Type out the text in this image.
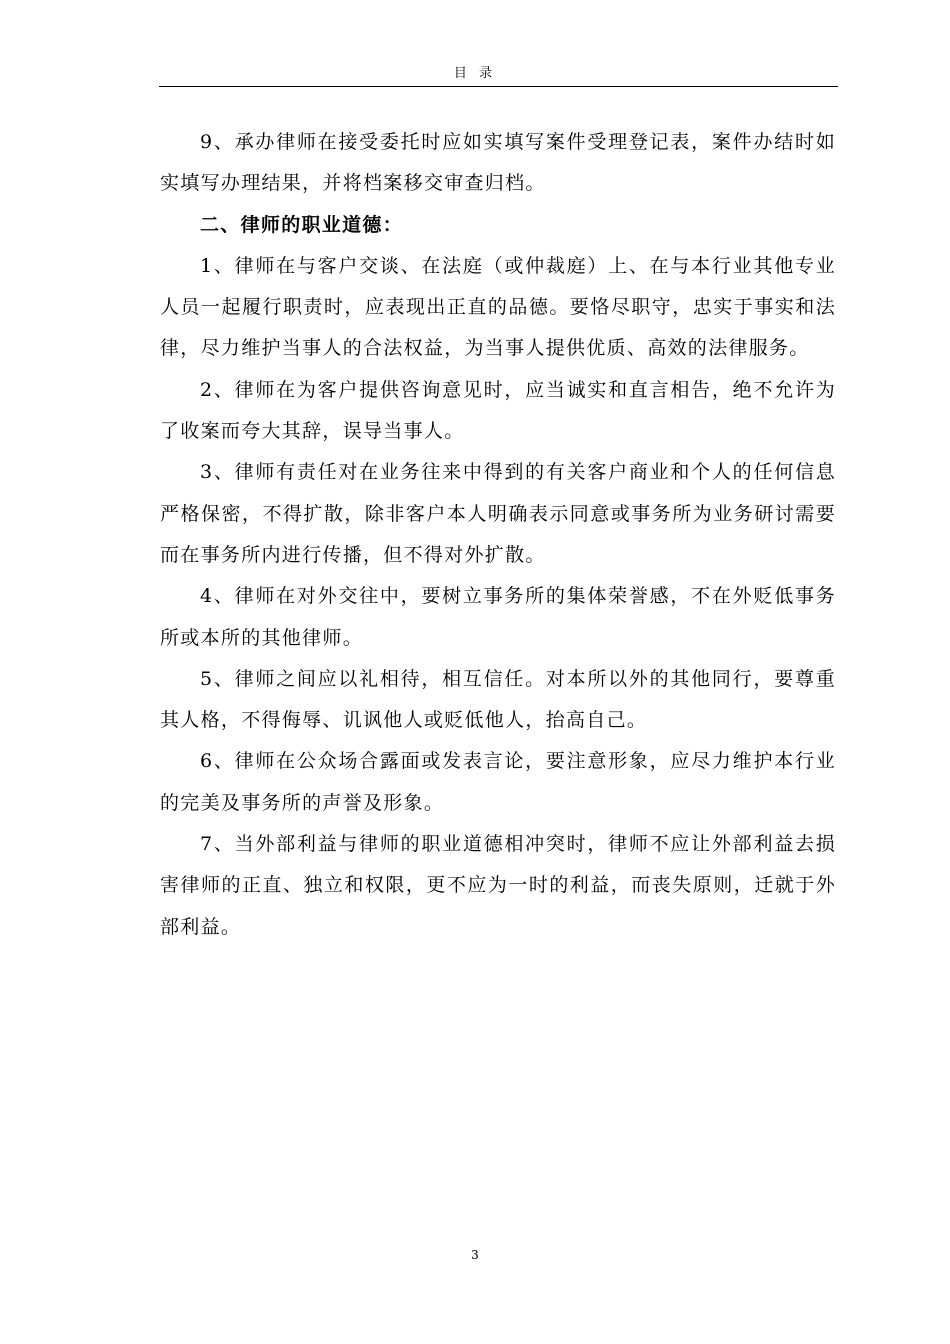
目 录

9、承办律师在接受委托时应如实填写案件受理登记表，案件办结时如实填写办理结果，并将档案移交审查归档。

二、律师的职业道德：

1、律师在与客户交谈、在法庭（或仲裁庭）上、在与本行业其他专业人员一起履行职责时，应表现出正直的品德。要恪尽职守，忠实于事实和法律，尽力维护当事人的合法权益，为当事人提供优质、高效的法律服务。

2、律师在为客户提供咨询意见时，应当诚实和直言相告，绝不允许为了收案而夸大其辞，误导当事人。

3、律师有责任对在业务往来中得到的有关客户商业和个人的任何信息严格保密，不得扩散，除非客户本人明确表示同意或事务所为业务研讨需要而在事务所内进行传播，但不得对外扩散。

4、律师在对外交往中，要树立事务所的集体荣誉感，不在外贬低事务所或本所的其他律师。

5、律师之间应以礼相待，相互信任。对本所以外的其他同行，要尊重其人格，不得侮辱、讥讽他人或贬低他人，抬高自己。

6、律师在公众场合露面或发表言论，要注意形象，应尽力维护本行业的完美及事务所的声誉及形象。

7、当外部利益与律师的职业道德相冲突时，律师不应让外部利益去损害律师的正直、独立和权限，更不应为一时的利益，而丧失原则，迁就于外部利益。

3
